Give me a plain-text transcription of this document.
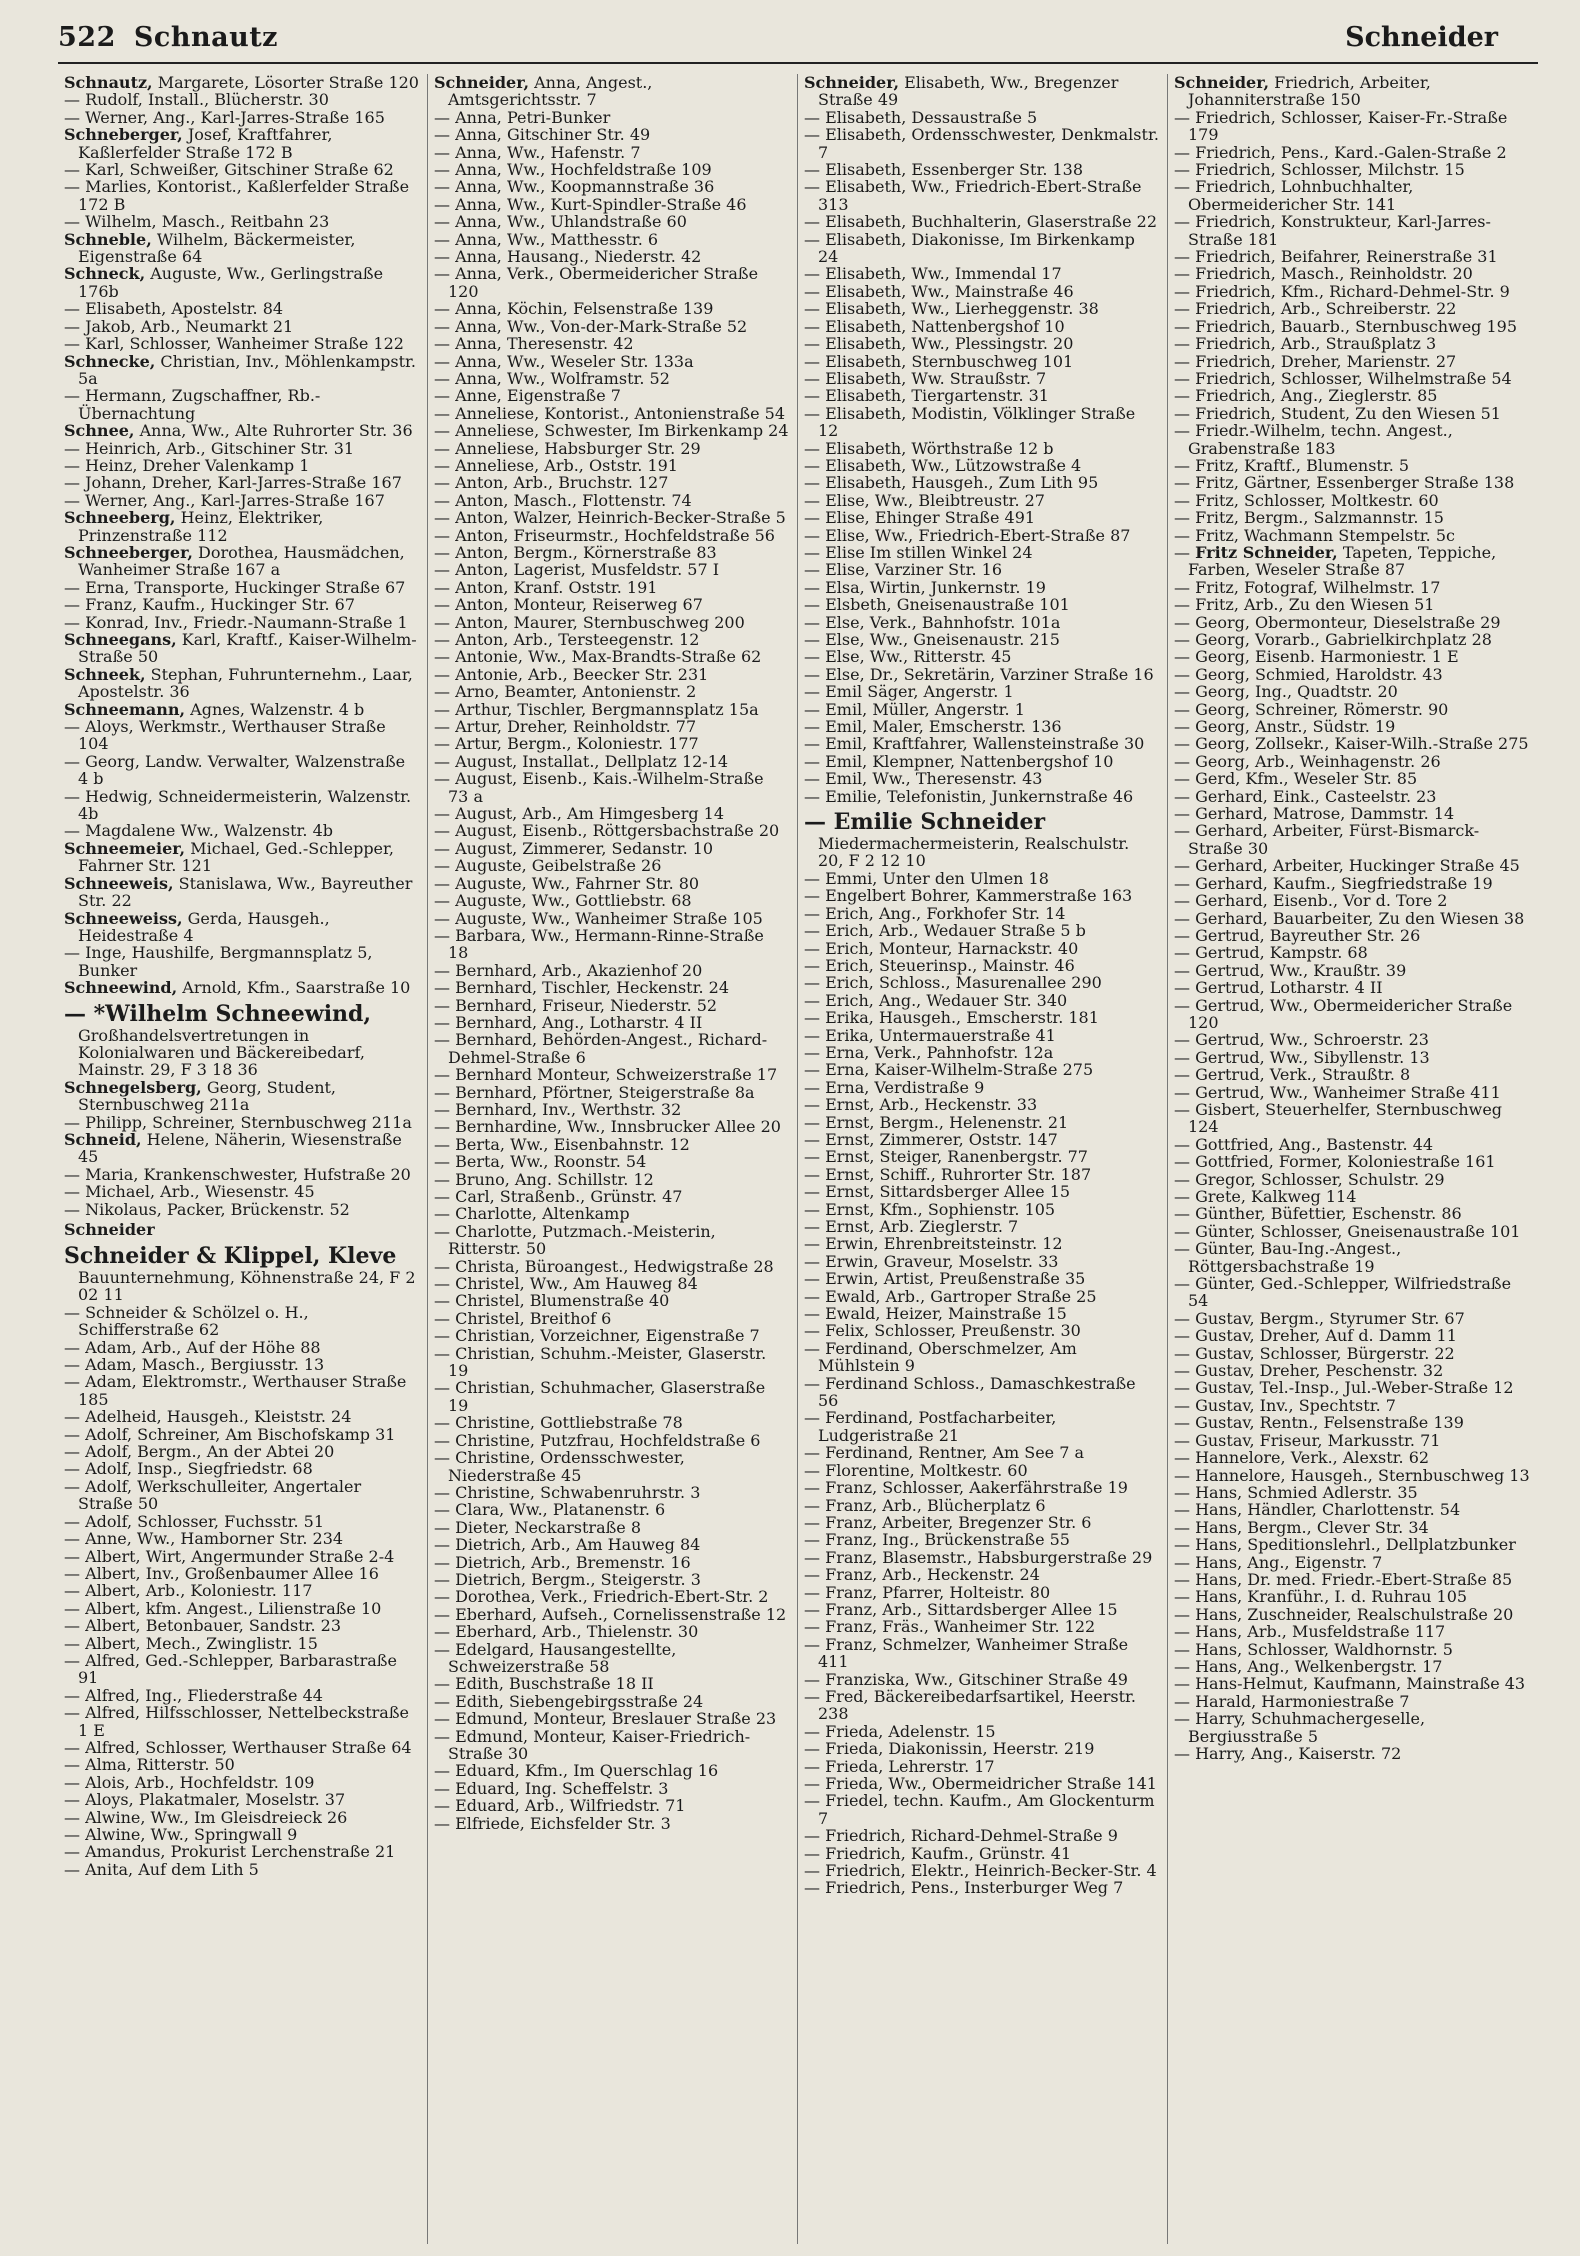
522 Schnautz	Schneider
Schnautz, Margarete, Lösorter Straße 120
— Rudolf, Install., Blücherstr. 30
— Werner, Ang., Karl-Jarres-Straße 165
Schneberger, Josef, Kraftfahrer, Kaßlerfelder Straße 172 B
— Karl, Schweißer, Gitschiner Straße 62
— Marlies, Kontorist., Kaßlerfelder Straße 172 B
— Wilhelm, Masch., Reitbahn 23
Schneble, Wilhelm, Bäckermeister, Eigenstraße 64
Schneck, Auguste, Ww., Gerlingstraße 176b
— Elisabeth, Apostelstr. 84
— Jakob, Arb., Neumarkt 21
— Karl, Schlosser, Wanheimer Straße 122
Schnecke, Christian, Inv., Möhlenkampstr. 5a
— Hermann, Zugschaffner, Rb.-Übernachtung
Schnee, Anna, Ww., Alte Ruhrorter Str. 36
— Heinrich, Arb., Gitschiner Str. 31
— Heinz, Dreher Valenkamp 1
— Johann, Dreher, Karl-Jarres-Straße 167
— Werner, Ang., Karl-Jarres-Straße 167
Schneeberg, Heinz, Elektriker, Prinzenstraße 112
Schneeberger, Dorothea, Hausmädchen, Wanheimer Straße 167 a
— Erna, Transporte, Huckinger Straße 67
— Franz, Kaufm., Huckinger Str. 67
— Konrad, Inv., Friedr.-Naumann-Straße 1
Schneegans, Karl, Kraftf., Kaiser-Wilhelm-Straße 50
Schneek, Stephan, Fuhrunternehm., Laar, Apostelstr. 36
Schneemann, Agnes, Walzenstr. 4 b
— Aloys, Werkmstr., Werthauser Straße 104
— Georg, Landw. Verwalter, Walzenstraße 4 b
— Hedwig, Schneidermeisterin, Walzenstr. 4b
— Magdalene Ww., Walzenstr. 4b
Schneemeier, Michael, Ged.-Schlepper, Fahrner Str. 121
Schneeweis, Stanislawa, Ww., Bayreuther Str. 22
Schneeweiss, Gerda, Hausgeh., Heidestraße 4
— Inge, Haushilfe, Bergmannsplatz 5, Bunker
Schneewind, Arnold, Kfm., Saarstraße 10
— *Wilhelm Schneewind,
Großhandelsvertretungen in Kolonialwaren und Bäckereibedarf, Mainstr. 29, F 3 18 36
Schnegelsberg, Georg, Student, Sternbuschweg 211a
— Philipp, Schreiner, Sternbuschweg 211a
Schneid, Helene, Näherin, Wiesenstraße 45
— Maria, Krankenschwester, Hufstraße 20
— Michael, Arb., Wiesenstr. 45
— Nikolaus, Packer, Brückenstr. 52
Schneider
Schneider & Klippel, Kleve
Bauunternehmung, Köhnenstraße 24, F 2 02 11
— Schneider & Schölzel o. H., Schifferstraße 62
— Adam, Arb., Auf der Höhe 88
— Adam, Masch., Bergiusstr. 13
— Adam, Elektromstr., Werthauser Straße 185
— Adelheid, Hausgeh., Kleiststr. 24
— Adolf, Schreiner, Am Bischofskamp 31
— Adolf, Bergm., An der Abtei 20
— Adolf, Insp., Siegfriedstr. 68
— Adolf, Werkschulleiter, Angertaler Straße 50
— Adolf, Schlosser, Fuchsstr. 51
— Anne, Ww., Hamborner Str. 234
— Albert, Wirt, Angermunder Straße 2-4
— Albert, Inv., Großenbaumer Allee 16
— Albert, Arb., Koloniestr. 117
— Albert, kfm. Angest., Lilienstraße 10
— Albert, Betonbauer, Sandstr. 23
— Albert, Mech., Zwinglistr. 15
— Alfred, Ged.-Schlepper, Barbarastraße 91
— Alfred, Ing., Fliederstraße 44
— Alfred, Hilfsschlosser, Nettelbeckstraße 1 E
— Alfred, Schlosser, Werthauser Straße 64
— Alma, Ritterstr. 50
— Alois, Arb., Hochfeldstr. 109
— Aloys, Plakatmaler, Moselstr. 37
— Alwine, Ww., Im Gleisdreieck 26
— Alwine, Ww., Springwall 9
— Amandus, Prokurist Lerchenstraße 21
— Anita, Auf dem Lith 5
Schneider, Anna, Angest., Amtsgerichtsstr. 7
— Anna, Petri-Bunker
— Anna, Gitschiner Str. 49
— Anna, Ww., Hafenstr. 7
— Anna, Ww., Hochfeldstraße 109
— Anna, Ww., Koopmannstraße 36
— Anna, Ww., Kurt-Spindler-Straße 46
— Anna, Ww., Uhlandstraße 60
— Anna, Ww., Matthesstr. 6
— Anna, Hausang., Niederstr. 42
— Anna, Verk., Obermeidericher Straße 120
— Anna, Köchin, Felsenstraße 139
— Anna, Ww., Von-der-Mark-Straße 52
— Anna, Theresenstr. 42
— Anna, Ww., Weseler Str. 133a
— Anna, Ww., Wolframstr. 52
— Anne, Eigenstraße 7
— Anneliese, Kontorist., Antonienstraße 54
— Anneliese, Schwester, Im Birkenkamp 24
— Anneliese, Habsburger Str. 29
— Anneliese, Arb., Oststr. 191
— Anton, Arb., Bruchstr. 127
— Anton, Masch., Flottenstr. 74
— Anton, Walzer, Heinrich-Becker-Straße 5
— Anton, Friseurmstr., Hochfeldstraße 56
— Anton, Bergm., Körnerstraße 83
— Anton, Lagerist, Musfeldstr. 57 I
— Anton, Kranf. Oststr. 191
— Anton, Monteur, Reiserweg 67
— Anton, Maurer, Sternbuschweg 200
— Anton, Arb., Tersteegenstr. 12
— Antonie, Ww., Max-Brandts-Straße 62
— Antonie, Arb., Beecker Str. 231
— Arno, Beamter, Antonienstr. 2
— Arthur, Tischler, Bergmannsplatz 15a
— Artur, Dreher, Reinholdstr. 77
— Artur, Bergm., Koloniestr. 177
— August, Installat., Dellplatz 12-14
— August, Eisenb., Kais.-Wilhelm-Straße 73 a
— August, Arb., Am Himgesberg 14
— August, Eisenb., Röttgersbachstraße 20
— August, Zimmerer, Sedanstr. 10
— Auguste, Geibelstraße 26
— Auguste, Ww., Fahrner Str. 80
— Auguste, Ww., Gottliebstr. 68
— Auguste, Ww., Wanheimer Straße 105
— Barbara, Ww., Hermann-Rinne-Straße 18
— Bernhard, Arb., Akazienhof 20
— Bernhard, Tischler, Heckenstr. 24
— Bernhard, Friseur, Niederstr. 52
— Bernhard, Ang., Lotharstr. 4 II
— Bernhard, Behörden-Angest., Richard-Dehmel-Straße 6
— Bernhard Monteur, Schweizerstraße 17
— Bernhard, Pförtner, Steigerstraße 8a
— Bernhard, Inv., Werthstr. 32
— Bernhardine, Ww., Innsbrucker Allee 20
— Berta, Ww., Eisenbahnstr. 12
— Berta, Ww., Roonstr. 54
— Bruno, Ang. Schillstr. 12
— Carl, Straßenb., Grünstr. 47
— Charlotte, Altenkamp
— Charlotte, Putzmach.-Meisterin, Ritterstr. 50
— Christa, Büroangest., Hedwigstraße 28
— Christel, Ww., Am Hauweg 84
— Christel, Blumenstraße 40
— Christel, Breithof 6
— Christian, Vorzeichner, Eigenstraße 7
— Christian, Schuhm.-Meister, Glaserstr. 19
— Christian, Schuhmacher, Glaserstraße 19
— Christine, Gottliebstraße 78
— Christine, Putzfrau, Hochfeldstraße 6
— Christine, Ordensschwester, Niederstraße 45
— Christine, Schwabenruhrstr. 3
— Clara, Ww., Platanenstr. 6
— Dieter, Neckarstraße 8
— Dietrich, Arb., Am Hauweg 84
— Dietrich, Arb., Bremenstr. 16
— Dietrich, Bergm., Steigerstr. 3
— Dorothea, Verk., Friedrich-Ebert-Str. 2
— Eberhard, Aufseh., Cornelissenstraße 12
— Eberhard, Arb., Thielenstr. 30
— Edelgard, Hausangestellte, Schweizerstraße 58
— Edith, Buschstraße 18 II
— Edith, Siebengebirgsstraße 24
— Edmund, Monteur, Breslauer Straße 23
— Edmund, Monteur, Kaiser-Friedrich-Straße 30
— Eduard, Kfm., Im Querschlag 16
— Eduard, Ing. Scheffelstr. 3
— Eduard, Arb., Wilfriedstr. 71
— Elfriede, Eichsfelder Str. 3
Schneider, Elisabeth, Ww., Bregenzer Straße 49
— Elisabeth, Dessaustraße 5
— Elisabeth, Ordensschwester, Denkmalstr. 7
— Elisabeth, Essenberger Str. 138
— Elisabeth, Ww., Friedrich-Ebert-Straße 313
— Elisabeth, Buchhalterin, Glaserstraße 22
— Elisabeth, Diakonisse, Im Birkenkamp 24
— Elisabeth, Ww., Immendal 17
— Elisabeth, Ww., Mainstraße 46
— Elisabeth, Ww., Lierheggenstr. 38
— Elisabeth, Nattenbergshof 10
— Elisabeth, Ww., Plessingstr. 20
— Elisabeth, Sternbuschweg 101
— Elisabeth, Ww. Straußstr. 7
— Elisabeth, Tiergartenstr. 31
— Elisabeth, Modistin, Völklinger Straße 12
— Elisabeth, Wörthstraße 12 b
— Elisabeth, Ww., Lützowstraße 4
— Elisabeth, Hausgeh., Zum Lith 95
— Elise, Ww., Bleibtreustr. 27
— Elise, Ehinger Straße 491
— Elise, Ww., Friedrich-Ebert-Straße 87
— Elise Im stillen Winkel 24
— Elise, Varziner Str. 16
— Elsa, Wirtin, Junkernstr. 19
— Elsbeth, Gneisenaustraße 101
— Else, Verk., Bahnhofstr. 101a
— Else, Ww., Gneisenaustr. 215
— Else, Ww., Ritterstr. 45
— Else, Dr., Sekretärin, Varziner Straße 16
— Emil Säger, Angerstr. 1
— Emil, Müller, Angerstr. 1
— Emil, Maler, Emscherstr. 136
— Emil, Kraftfahrer, Wallensteinstraße 30
— Emil, Klempner, Nattenbergshof 10
— Emil, Ww., Theresenstr. 43
— Emilie, Telefonistin, Junkernstraße 46
— Emilie Schneider
Miedermachermeisterin, Realschulstr. 20, F 2 12 10
— Emmi, Unter den Ulmen 18
— Engelbert Bohrer, Kammerstraße 163
— Erich, Ang., Forkhofer Str. 14
— Erich, Arb., Wedauer Straße 5 b
— Erich, Monteur, Harnackstr. 40
— Erich, Steuerinsp., Mainstr. 46
— Erich, Schloss., Masurenallee 290
— Erich, Ang., Wedauer Str. 340
— Erika, Hausgeh., Emscherstr. 181
— Erika, Untermauerstraße 41
— Erna, Verk., Pahnhofstr. 12a
— Erna, Kaiser-Wilhelm-Straße 275
— Erna, Verdistraße 9
— Ernst, Arb., Heckenstr. 33
— Ernst, Bergm., Helenenstr. 21
— Ernst, Zimmerer, Oststr. 147
— Ernst, Steiger, Ranenbergstr. 77
— Ernst, Schiff., Ruhrorter Str. 187
— Ernst, Sittardsberger Allee 15
— Ernst, Kfm., Sophienstr. 105
— Ernst, Arb. Zieglerstr. 7
— Erwin, Ehrenbreitsteinstr. 12
— Erwin, Graveur, Moselstr. 33
— Erwin, Artist, Preußenstraße 35
— Ewald, Arb., Gartroper Straße 25
— Ewald, Heizer, Mainstraße 15
— Felix, Schlosser, Preußenstr. 30
— Ferdinand, Oberschmelzer, Am Mühlstein 9
— Ferdinand Schloss., Damaschkestraße 56
— Ferdinand, Postfacharbeiter, Ludgeristraße 21
— Ferdinand, Rentner, Am See 7 a
— Florentine, Moltkestr. 60
— Franz, Schlosser, Aakerfährstraße 19
— Franz, Arb., Blücherplatz 6
— Franz, Arbeiter, Bregenzer Str. 6
— Franz, Ing., Brückenstraße 55
— Franz, Blasemstr., Habsburgerstraße 29
— Franz, Arb., Heckenstr. 24
— Franz, Pfarrer, Holteistr. 80
— Franz, Arb., Sittardsberger Allee 15
— Franz, Fräs., Wanheimer Str. 122
— Franz, Schmelzer, Wanheimer Straße 411
— Franziska, Ww., Gitschiner Straße 49
— Fred, Bäckereibedarfsartikel, Heerstr. 238
— Frieda, Adelenstr. 15
— Frieda, Diakonissin, Heerstr. 219
— Frieda, Lehrerstr. 17
— Frieda, Ww., Obermeidricher Straße 141
— Friedel, techn. Kaufm., Am Glockenturm 7
— Friedrich, Richard-Dehmel-Straße 9
— Friedrich, Kaufm., Grünstr. 41
— Friedrich, Elektr., Heinrich-Becker-Str. 4
— Friedrich, Pens., Insterburger Weg 7
Schneider, Friedrich, Arbeiter, Johanniterstraße 150
— Friedrich, Schlosser, Kaiser-Fr.-Straße 179
— Friedrich, Pens., Kard.-Galen-Straße 2
— Friedrich, Schlosser, Milchstr. 15
— Friedrich, Lohnbuchhalter, Obermeidericher Str. 141
— Friedrich, Konstrukteur, Karl-Jarres-Straße 181
— Friedrich, Beifahrer, Reinerstraße 31
— Friedrich, Masch., Reinholdstr. 20
— Friedrich, Kfm., Richard-Dehmel-Str. 9
— Friedrich, Arb., Schreiberstr. 22
— Friedrich, Bauarb., Sternbuschweg 195
— Friedrich, Arb., Straußplatz 3
— Friedrich, Dreher, Marienstr. 27
— Friedrich, Schlosser, Wilhelmstraße 54
— Friedrich, Ang., Zieglerstr. 85
— Friedrich, Student, Zu den Wiesen 51
— Friedr.-Wilhelm, techn. Angest., Grabenstraße 183
— Fritz, Kraftf., Blumenstr. 5
— Fritz, Gärtner, Essenberger Straße 138
— Fritz, Schlosser, Moltkestr. 60
— Fritz, Bergm., Salzmannstr. 15
— Fritz, Wachmann Stempelstr. 5c
— Fritz Schneider, Tapeten, Teppiche, Farben, Weseler Straße 87
— Fritz, Fotograf, Wilhelmstr. 17
— Fritz, Arb., Zu den Wiesen 51
— Georg, Obermonteur, Dieselstraße 29
— Georg, Vorarb., Gabrielkirchplatz 28
— Georg, Eisenb. Harmoniestr. 1 E
— Georg, Schmied, Haroldstr. 43
— Georg, Ing., Quadtstr. 20
— Georg, Schreiner, Römerstr. 90
— Georg, Anstr., Südstr. 19
— Georg, Zollsekr., Kaiser-Wilh.-Straße 275
— Georg, Arb., Weinhagenstr. 26
— Gerd, Kfm., Weseler Str. 85
— Gerhard, Eink., Casteelstr. 23
— Gerhard, Matrose, Dammstr. 14
— Gerhard, Arbeiter, Fürst-Bismarck-Straße 30
— Gerhard, Arbeiter, Huckinger Straße 45
— Gerhard, Kaufm., Siegfriedstraße 19
— Gerhard, Eisenb., Vor d. Tore 2
— Gerhard, Bauarbeiter, Zu den Wiesen 38
— Gertrud, Bayreuther Str. 26
— Gertrud, Kampstr. 68
— Gertrud, Ww., Kraußtr. 39
— Gertrud, Lotharstr. 4 II
— Gertrud, Ww., Obermeidericher Straße 120
— Gertrud, Ww., Schroerstr. 23
— Gertrud, Ww., Sibyllenstr. 13
— Gertrud, Verk., Straußtr. 8
— Gertrud, Ww., Wanheimer Straße 411
— Gisbert, Steuerhelfer, Sternbuschweg 124
— Gottfried, Ang., Bastenstr. 44
— Gottfried, Former, Koloniestraße 161
— Gregor, Schlosser, Schulstr. 29
— Grete, Kalkweg 114
— Günther, Büfettier, Eschenstr. 86
— Günter, Schlosser, Gneisenaustraße 101
— Günter, Bau-Ing.-Angest., Röttgersbachstraße 19
— Günter, Ged.-Schlepper, Wilfriedstraße 54
— Gustav, Bergm., Styrumer Str. 67
— Gustav, Dreher, Auf d. Damm 11
— Gustav, Schlosser, Bürgerstr. 22
— Gustav, Dreher, Peschenstr. 32
— Gustav, Tel.-Insp., Jul.-Weber-Straße 12
— Gustav, Inv., Spechtstr. 7
— Gustav, Rentn., Felsenstraße 139
— Gustav, Friseur, Markusstr. 71
— Hannelore, Verk., Alexstr. 62
— Hannelore, Hausgeh., Sternbuschweg 13
— Hans, Schmied Adlerstr. 35
— Hans, Händler, Charlottenstr. 54
— Hans, Bergm., Clever Str. 34
— Hans, Speditionslehrl., Dellplatzbunker
— Hans, Ang., Eigenstr. 7
— Hans, Dr. med. Friedr.-Ebert-Straße 85
— Hans, Kranführ., I. d. Ruhrau 105
— Hans, Zuschneider, Realschulstraße 20
— Hans, Arb., Musfeldstraße 117
— Hans, Schlosser, Waldhornstr. 5
— Hans, Ang., Welkenbergstr. 17
— Hans-Helmut, Kaufmann, Mainstraße 43
— Harald, Harmoniestraße 7
— Harry, Schuhmachergeselle, Bergiusstraße 5
— Harry, Ang., Kaiserstr. 72
